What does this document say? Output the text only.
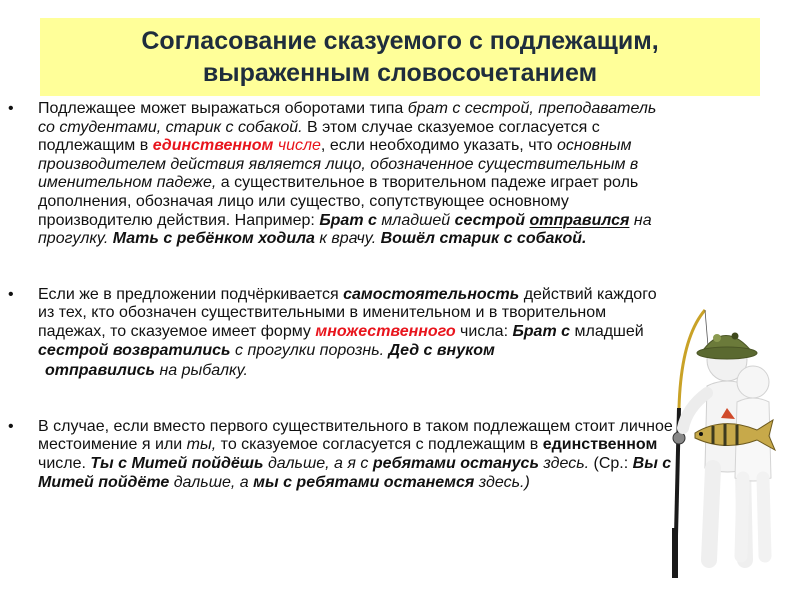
Согласование сказуемого с подлежащим,
выраженным словосочетанием
• Подлежащее может выражаться оборотами типа брат с сестрой, преподаватель со студентами, старик с собакой. В этом случае сказуемое согласуется с подлежащим в единственном числе, если необходимо указать, что основным производителем действия является лицо, обозначенное существительным в именительном падеже, а существительное в творительном падеже играет роль дополнения, обозначая лицо или существо, сопутствующее основному производителю действия. Например: Брат с младшей сестрой отправился на прогулку. Мать с ребёнком ходила к врачу. Вошёл старик с собакой.
• Если же в предложении подчёркивается самостоятельность действий каждого из тех, кто обозначен существительными в именительном и в творительном падежах, то сказуемое имеет форму множественного числа: Брат с младшей сестрой возвратились с прогулки порознь. Дед с внуком
отправились на рыбалку.
• В случае, если вместо первого существительного в таком подлежащем стоит личное местоимение я или ты, то сказуемое согласуется с подлежащим в единственном числе. Ты с Митей пойдёшь дальше, а я с ребятами останусь здесь. (Ср.: Вы с Митей пойдёте дальше, а мы с ребятами останемся здесь.)
